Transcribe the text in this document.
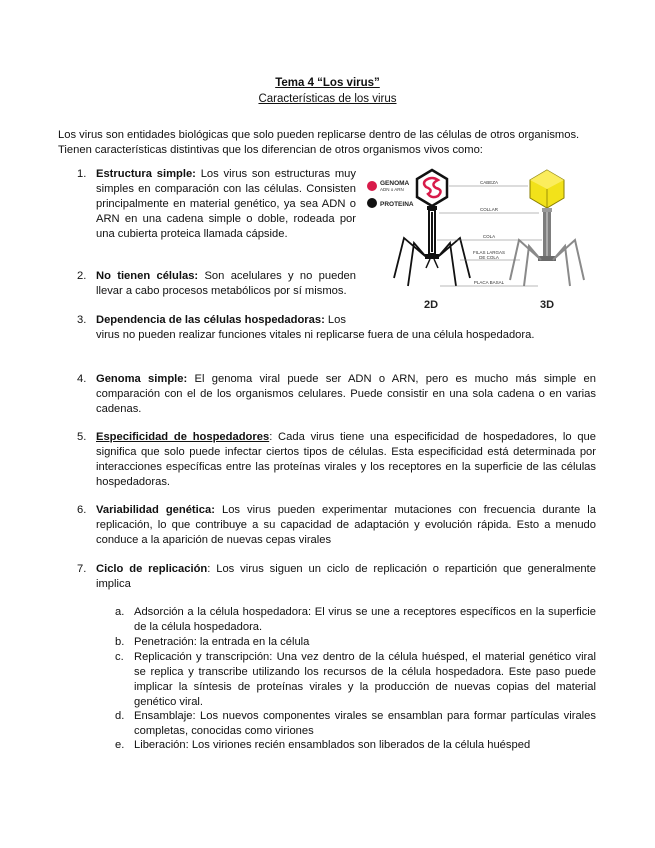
Tema 4 “Los virus”
Características de los virus
Los virus son entidades biológicas que solo pueden replicarse dentro de las células de otros organismos. Tienen características distintivas que los diferencian de otros organismos vivos como:
1. Estructura simple: Los virus son estructuras muy simples en comparación con las células. Consisten principalmente en material genético, ya sea ADN o ARN en una cadena simple o doble, rodeada por una cubierta proteica llamada cápside.
2. No tienen células: Son acelulares y no pueden llevar a cabo procesos metabólicos por sí mismos.
3. Dependencia de las células hospedadoras: Los
virus no pueden realizar funciones vitales ni replicarse fuera de una célula hospedadora.
4. Genoma simple: El genoma viral puede ser ADN o ARN, pero es mucho más simple en comparación con el de los organismos celulares. Puede consistir en una sola cadena o en varias cadenas.
5. Especificidad de hospedadores: Cada virus tiene una especificidad de hospedadores, lo que significa que solo puede infectar ciertos tipos de células. Esta especificidad está determinada por interacciones específicas entre las proteínas virales y los receptores en la superficie de las células hospedadoras.
6. Variabilidad genética: Los virus pueden experimentar mutaciones con frecuencia durante la replicación, lo que contribuye a su capacidad de adaptación y evolución rápida. Esto a menudo conduce a la aparición de nuevas cepas virales
7. Ciclo de replicación: Los virus siguen un ciclo de replicación o repartición que generalmente implica
a. Adsorción a la célula hospedadora: El virus se une a receptores específicos en la superficie de la célula hospedadora.
b. Penetración: la entrada en la célula
c. Replicación y transcripción: Una vez dentro de la célula huésped, el material genético viral se replica y transcribe utilizando los recursos de la célula hospedadora. Este paso puede implicar la síntesis de proteínas virales y la producción de nuevas copias del material genético viral.
d. Ensamblaje: Los nuevos componentes virales se ensamblan para formar partículas virales completas, conocidas como viriones
e. Liberación: Los viriones recién ensamblados son liberados de la célula huésped
GENOMA
ADN o ARN
PROTEINA
2D	3D
CABEZA
COLLAR
COLA
FILAS LARGAS
DE COLA
PLACA BASAL
